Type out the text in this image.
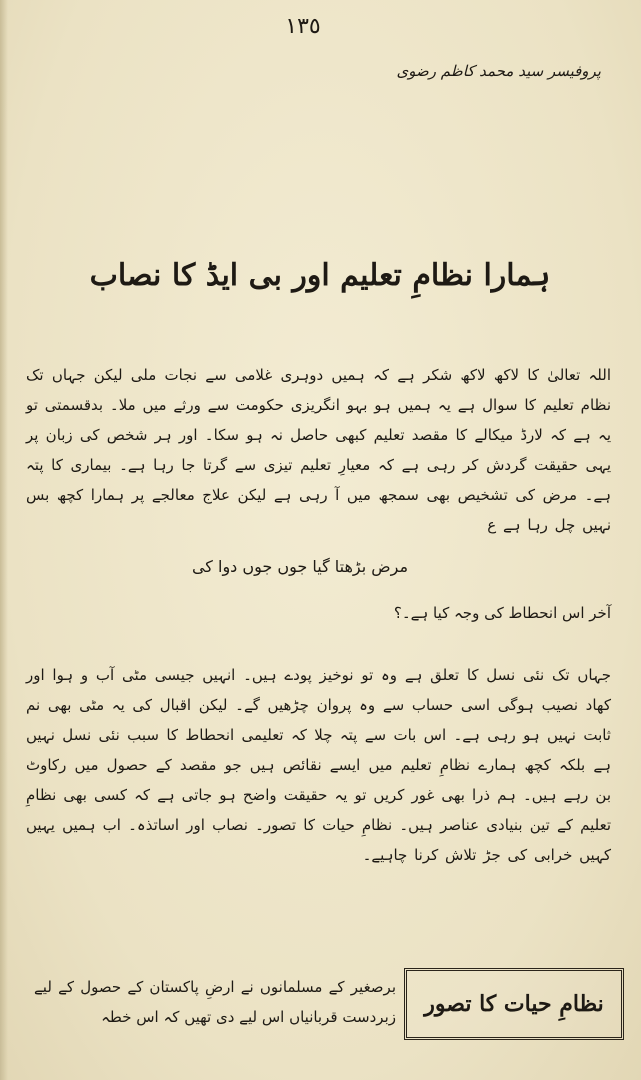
١٣٥
پروفیسر سید محمد کاظم رضوی
ہمارا نظامِ تعلیم اور بی ایڈ کا نصاب
اللہ تعالیٰ کا لاکھ لاکھ شکر ہے کہ ہمیں دوہری غلامی سے نجات ملی لیکن جہاں تک نظام تعلیم کا سوال ہے یہ ہمیں ہو بہو انگریزی حکومت سے ورثے میں ملا۔ بدقسمتی تو یہ ہے کہ لارڈ میکالے کا مقصد تعلیم کبھی حاصل نہ ہو سکا۔ اور ہر شخص کی زبان پر یہی حقیقت گردش کر رہی ہے کہ معیارِ تعلیم تیزی سے گرتا جا رہا ہے۔ بیماری کا پتہ ہے۔ مرض کی تشخیص بھی سمجھ میں آ رہی ہے لیکن علاج معالجے پر ہمارا کچھ بس نہیں چل رہا ہے ع
مرض بڑھتا گیا جوں جوں دوا کی
آخر اس انحطاط کی وجہ کیا ہے۔؟
جہاں تک نئی نسل کا تعلق ہے وہ تو نوخیز پودے ہیں۔ انہیں جیسی مٹی آب و ہوا اور کھاد نصیب ہوگی اسی حساب سے وہ پروان چڑھیں گے۔ لیکن اقبال کی یہ مٹی بھی نم ثابت نہیں ہو رہی ہے۔ اس بات سے پتہ چلا کہ تعلیمی انحطاط کا سبب نئی نسل نہیں ہے بلکہ کچھ ہمارے نظامِ تعلیم میں ایسے نقائص ہیں جو مقصد کے حصول میں رکاوٹ بن رہے ہیں۔ ہم ذرا بھی غور کریں تو یہ حقیقت واضح ہو جاتی ہے کہ کسی بھی نظامِ تعلیم کے تین بنیادی عناصر ہیں۔ نظامِ حیات کا تصور۔ نصاب اور اساتذہ۔ اب ہمیں یہیں کہیں خرابی کی جڑ تلاش کرنا چاہیے۔
نظامِ حیات کا تصور
برصغیر کے مسلمانوں نے ارضِ پاکستان کے حصول کے لیے زبردست قربانیاں اس لیے دی تھیں کہ اس خطہ
